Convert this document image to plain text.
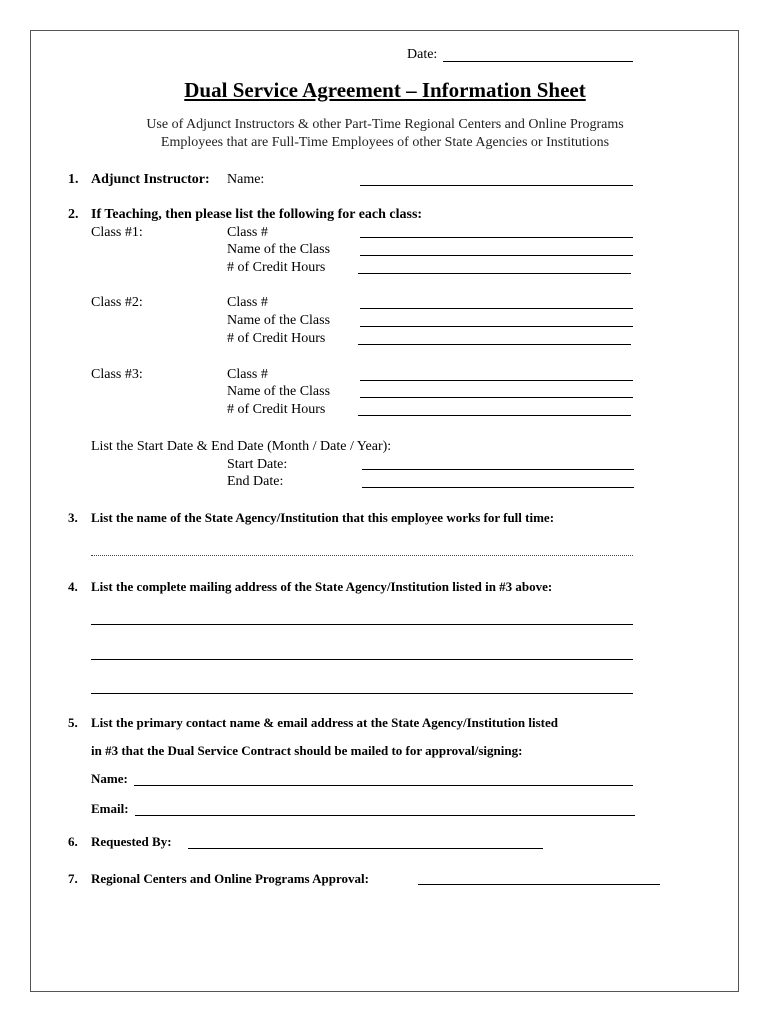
Date:
Dual Service Agreement – Information Sheet
Use of Adjunct Instructors & other Part-Time Regional Centers and Online Programs
Employees that are Full-Time Employees of other State Agencies or Institutions
1. Adjunct Instructor: Name:
2. If Teaching, then please list the following for each class:
Class #1:	Class #
Name of the Class
# of Credit Hours
Class #2:	Class #
Name of the Class
# of Credit Hours
Class #3:	Class #
Name of the Class
# of Credit Hours
List the Start Date & End Date (Month / Date / Year):
Start Date:
End Date:
3. List the name of the State Agency/Institution that this employee works for full time:
4. List the complete mailing address of the State Agency/Institution listed in #3 above:
5. List the primary contact name & email address at the State Agency/Institution listed
in #3 that the Dual Service Contract should be mailed to for approval/signing:
Name:
Email:
6. Requested By:
7. Regional Centers and Online Programs Approval:
